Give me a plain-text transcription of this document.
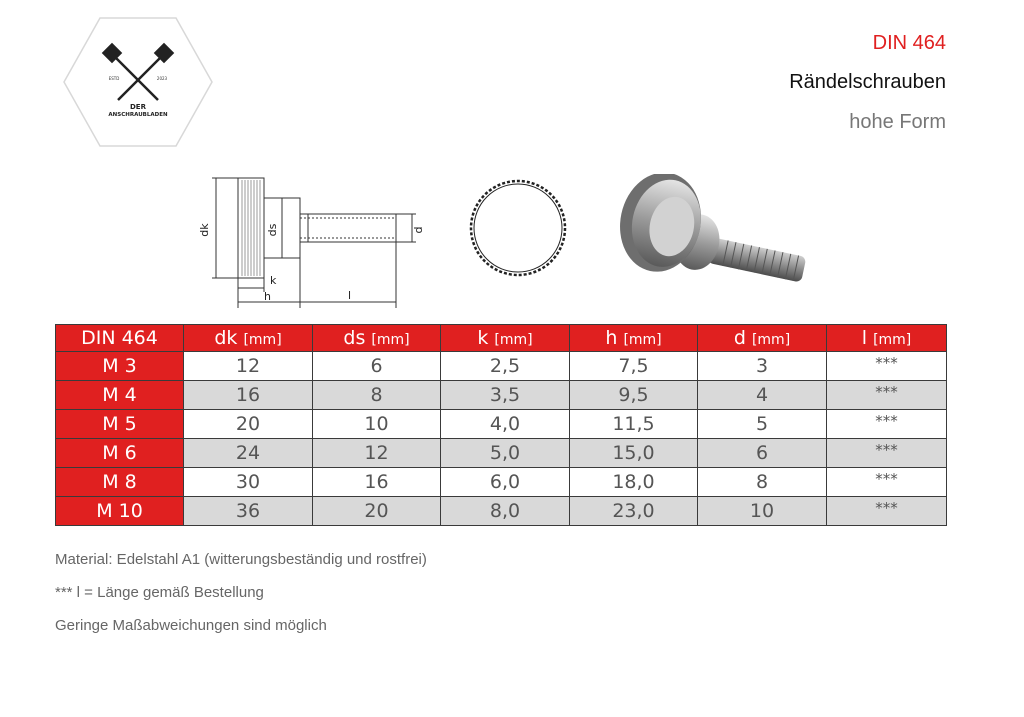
ESTD	2023
DER
ANSCHRAUBLADEN
DIN 464
Rändelschrauben
hohe Form
dk	ds	d
k
h	l
DIN 464	dk [mm]	ds [mm]	k [mm]	h [mm]	d [mm]	l [mm]
M 3	12	6	2,5	7,5	3	***
M 4	16	8	3,5	9,5	4	***
M 5	20	10	4,0	11,5	5	***
M 6	24	12	5,0	15,0	6	***
M 8	30	16	6,0	18,0	8	***
M 10	36	20	8,0	23,0	10	***
Material: Edelstahl A1 (witterungsbeständig und rostfrei)
*** l = Länge gemäß Bestellung
Geringe Maßabweichungen sind möglich
